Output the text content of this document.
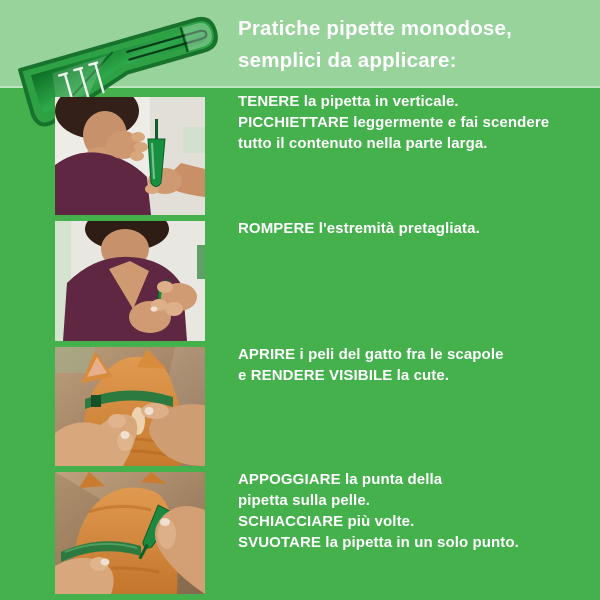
Pratiche pipette monodose,
semplici da applicare:
TENERE la pipetta in verticale.
PICCHIETTARE leggermente e fai scendere
tutto il contenuto nella parte larga.
ROMPERE l'estremità pretagliata.
APRIRE i peli del gatto fra le scapole
e RENDERE VISIBILE la cute.
APPOGGIARE la punta della
pipetta sulla pelle.
SCHIACCIARE più volte.
SVUOTARE la pipetta in un solo punto.
